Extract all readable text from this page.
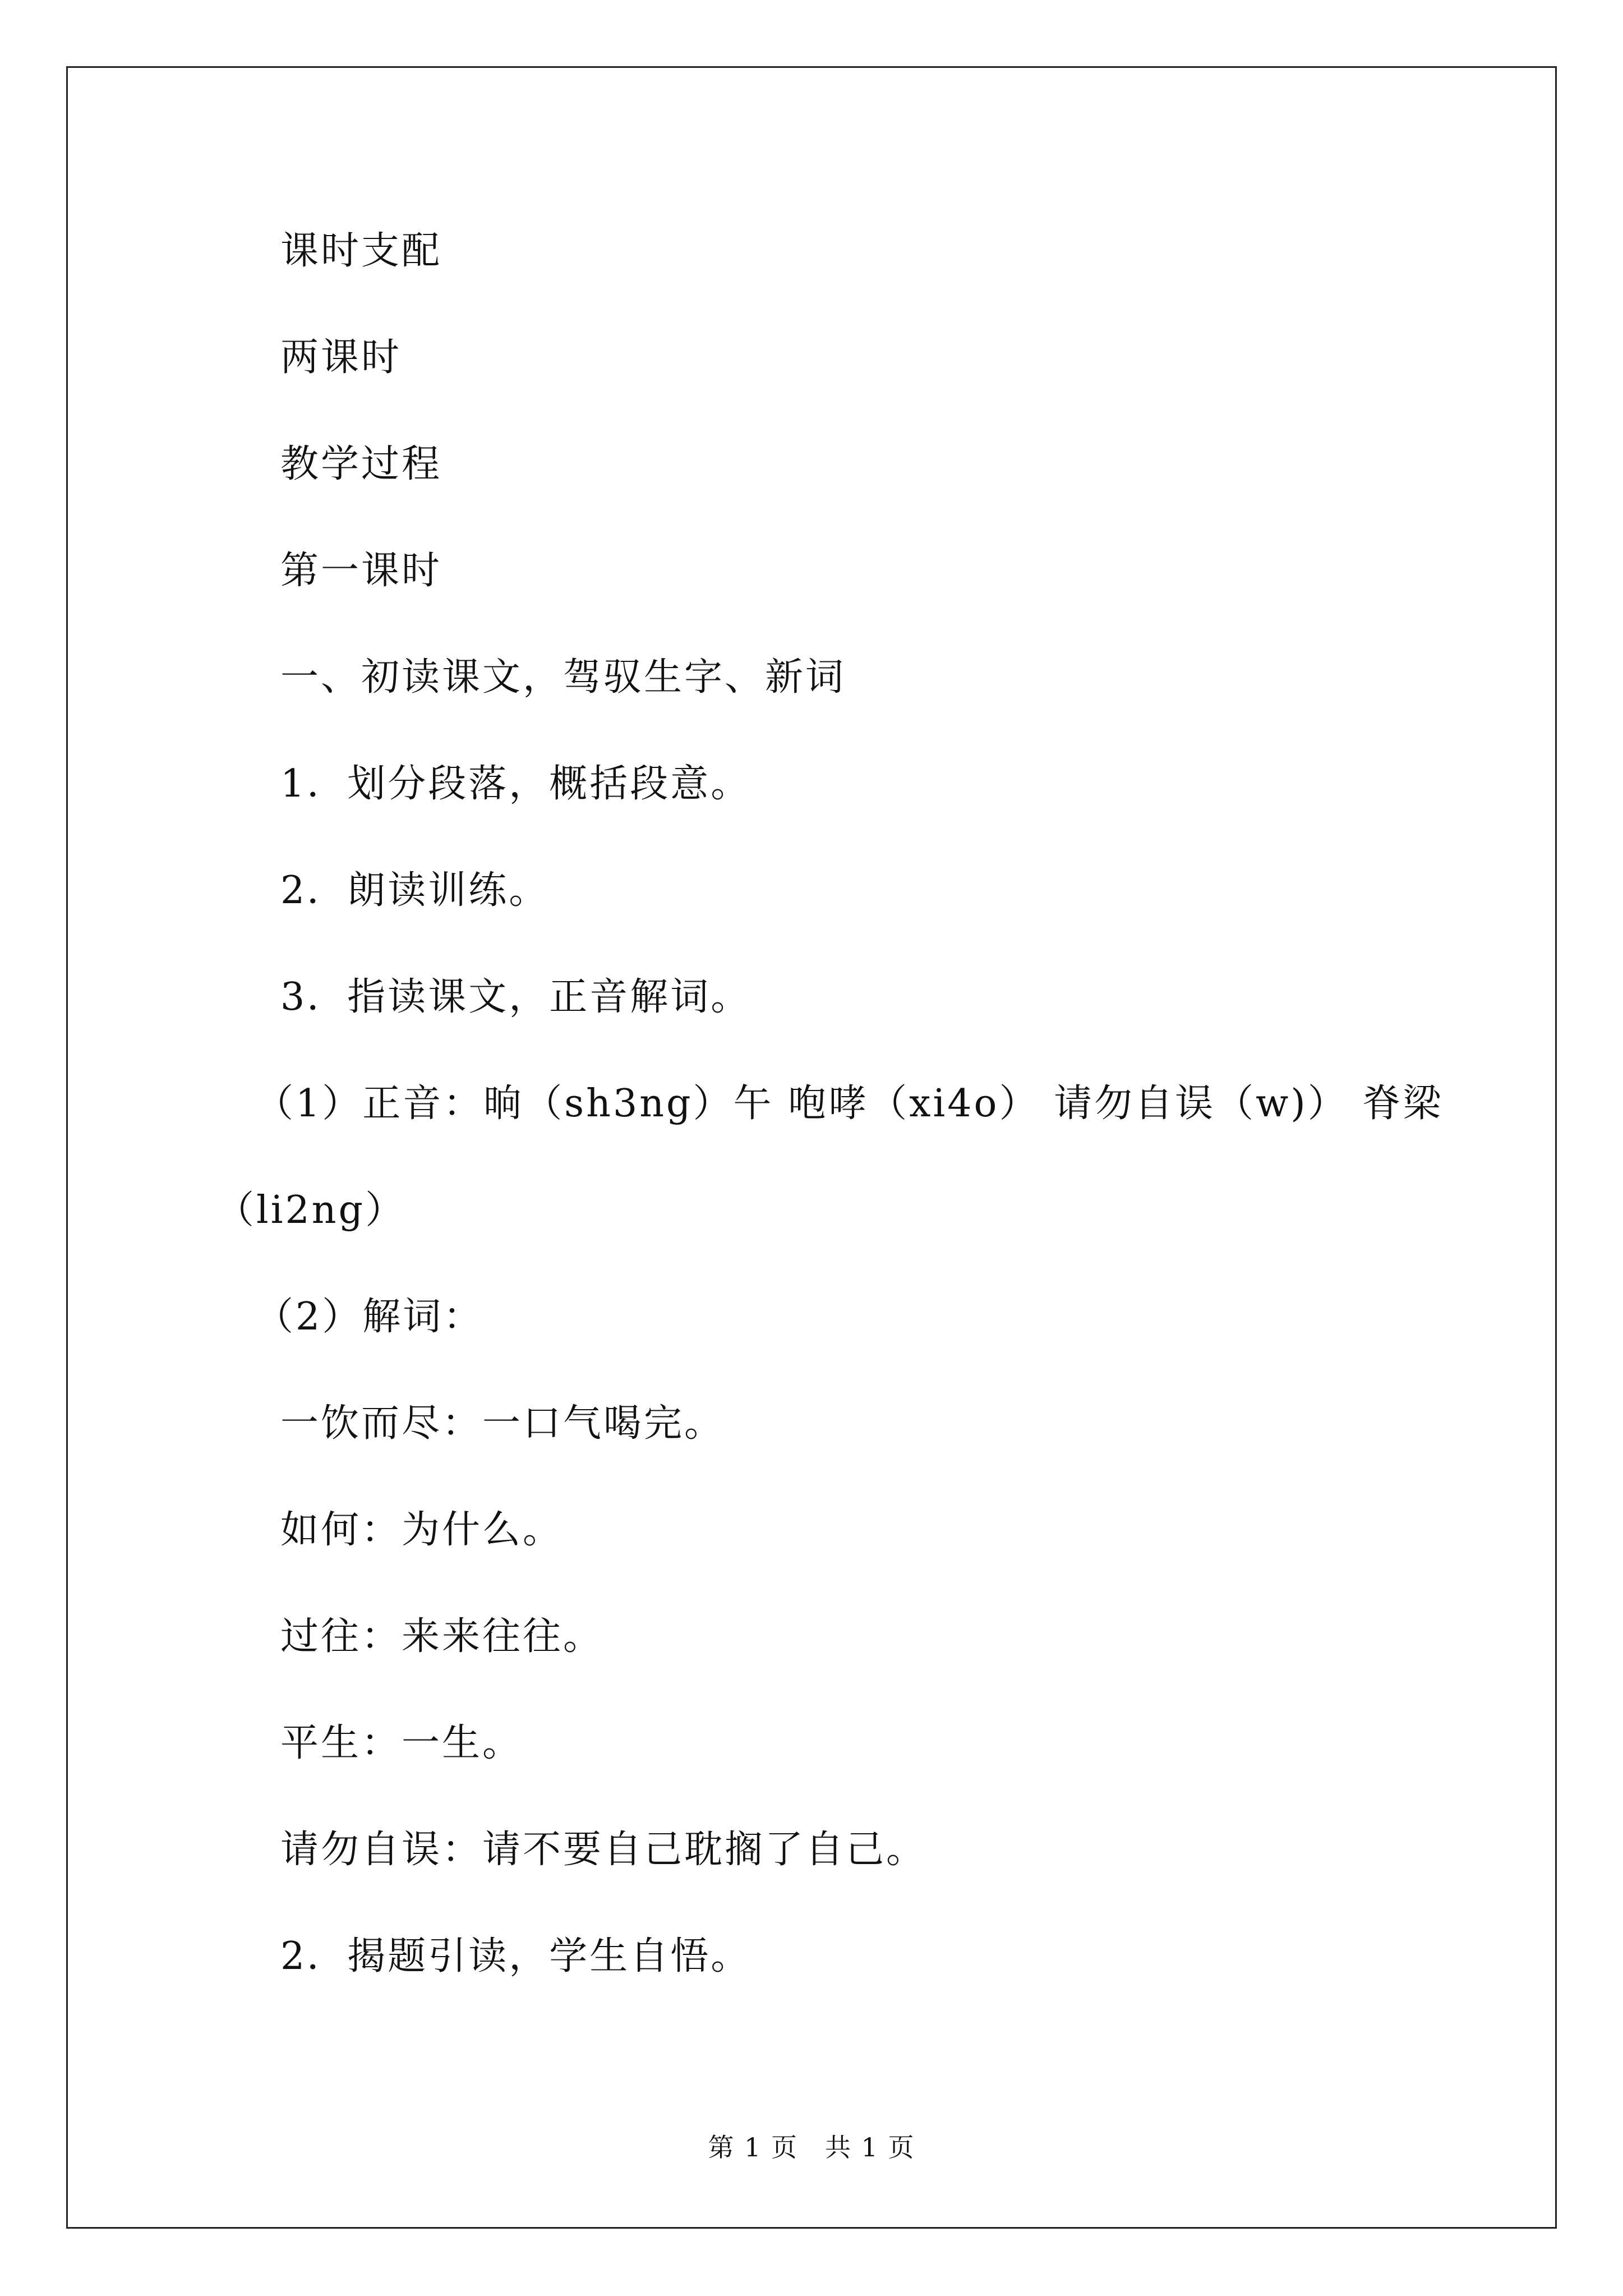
课时支配
两课时
教学过程
第一课时
一、初读课文，驾驭生字、新词
1．划分段落，概括段意。
2．朗读训练。
3．指读课文，正音解词。
（1）正音：晌（sh3ng）午 咆哮（xi4o） 请勿自误（w)） 脊梁
（li2ng）
（2）解词：
一饮而尽：一口气喝完。
如何：为什么。
过往：来来往往。
平生：一生。
请勿自误：请不要自己耽搁了自己。
2．揭题引读，学生自悟。
第 1 页　共 1 页
